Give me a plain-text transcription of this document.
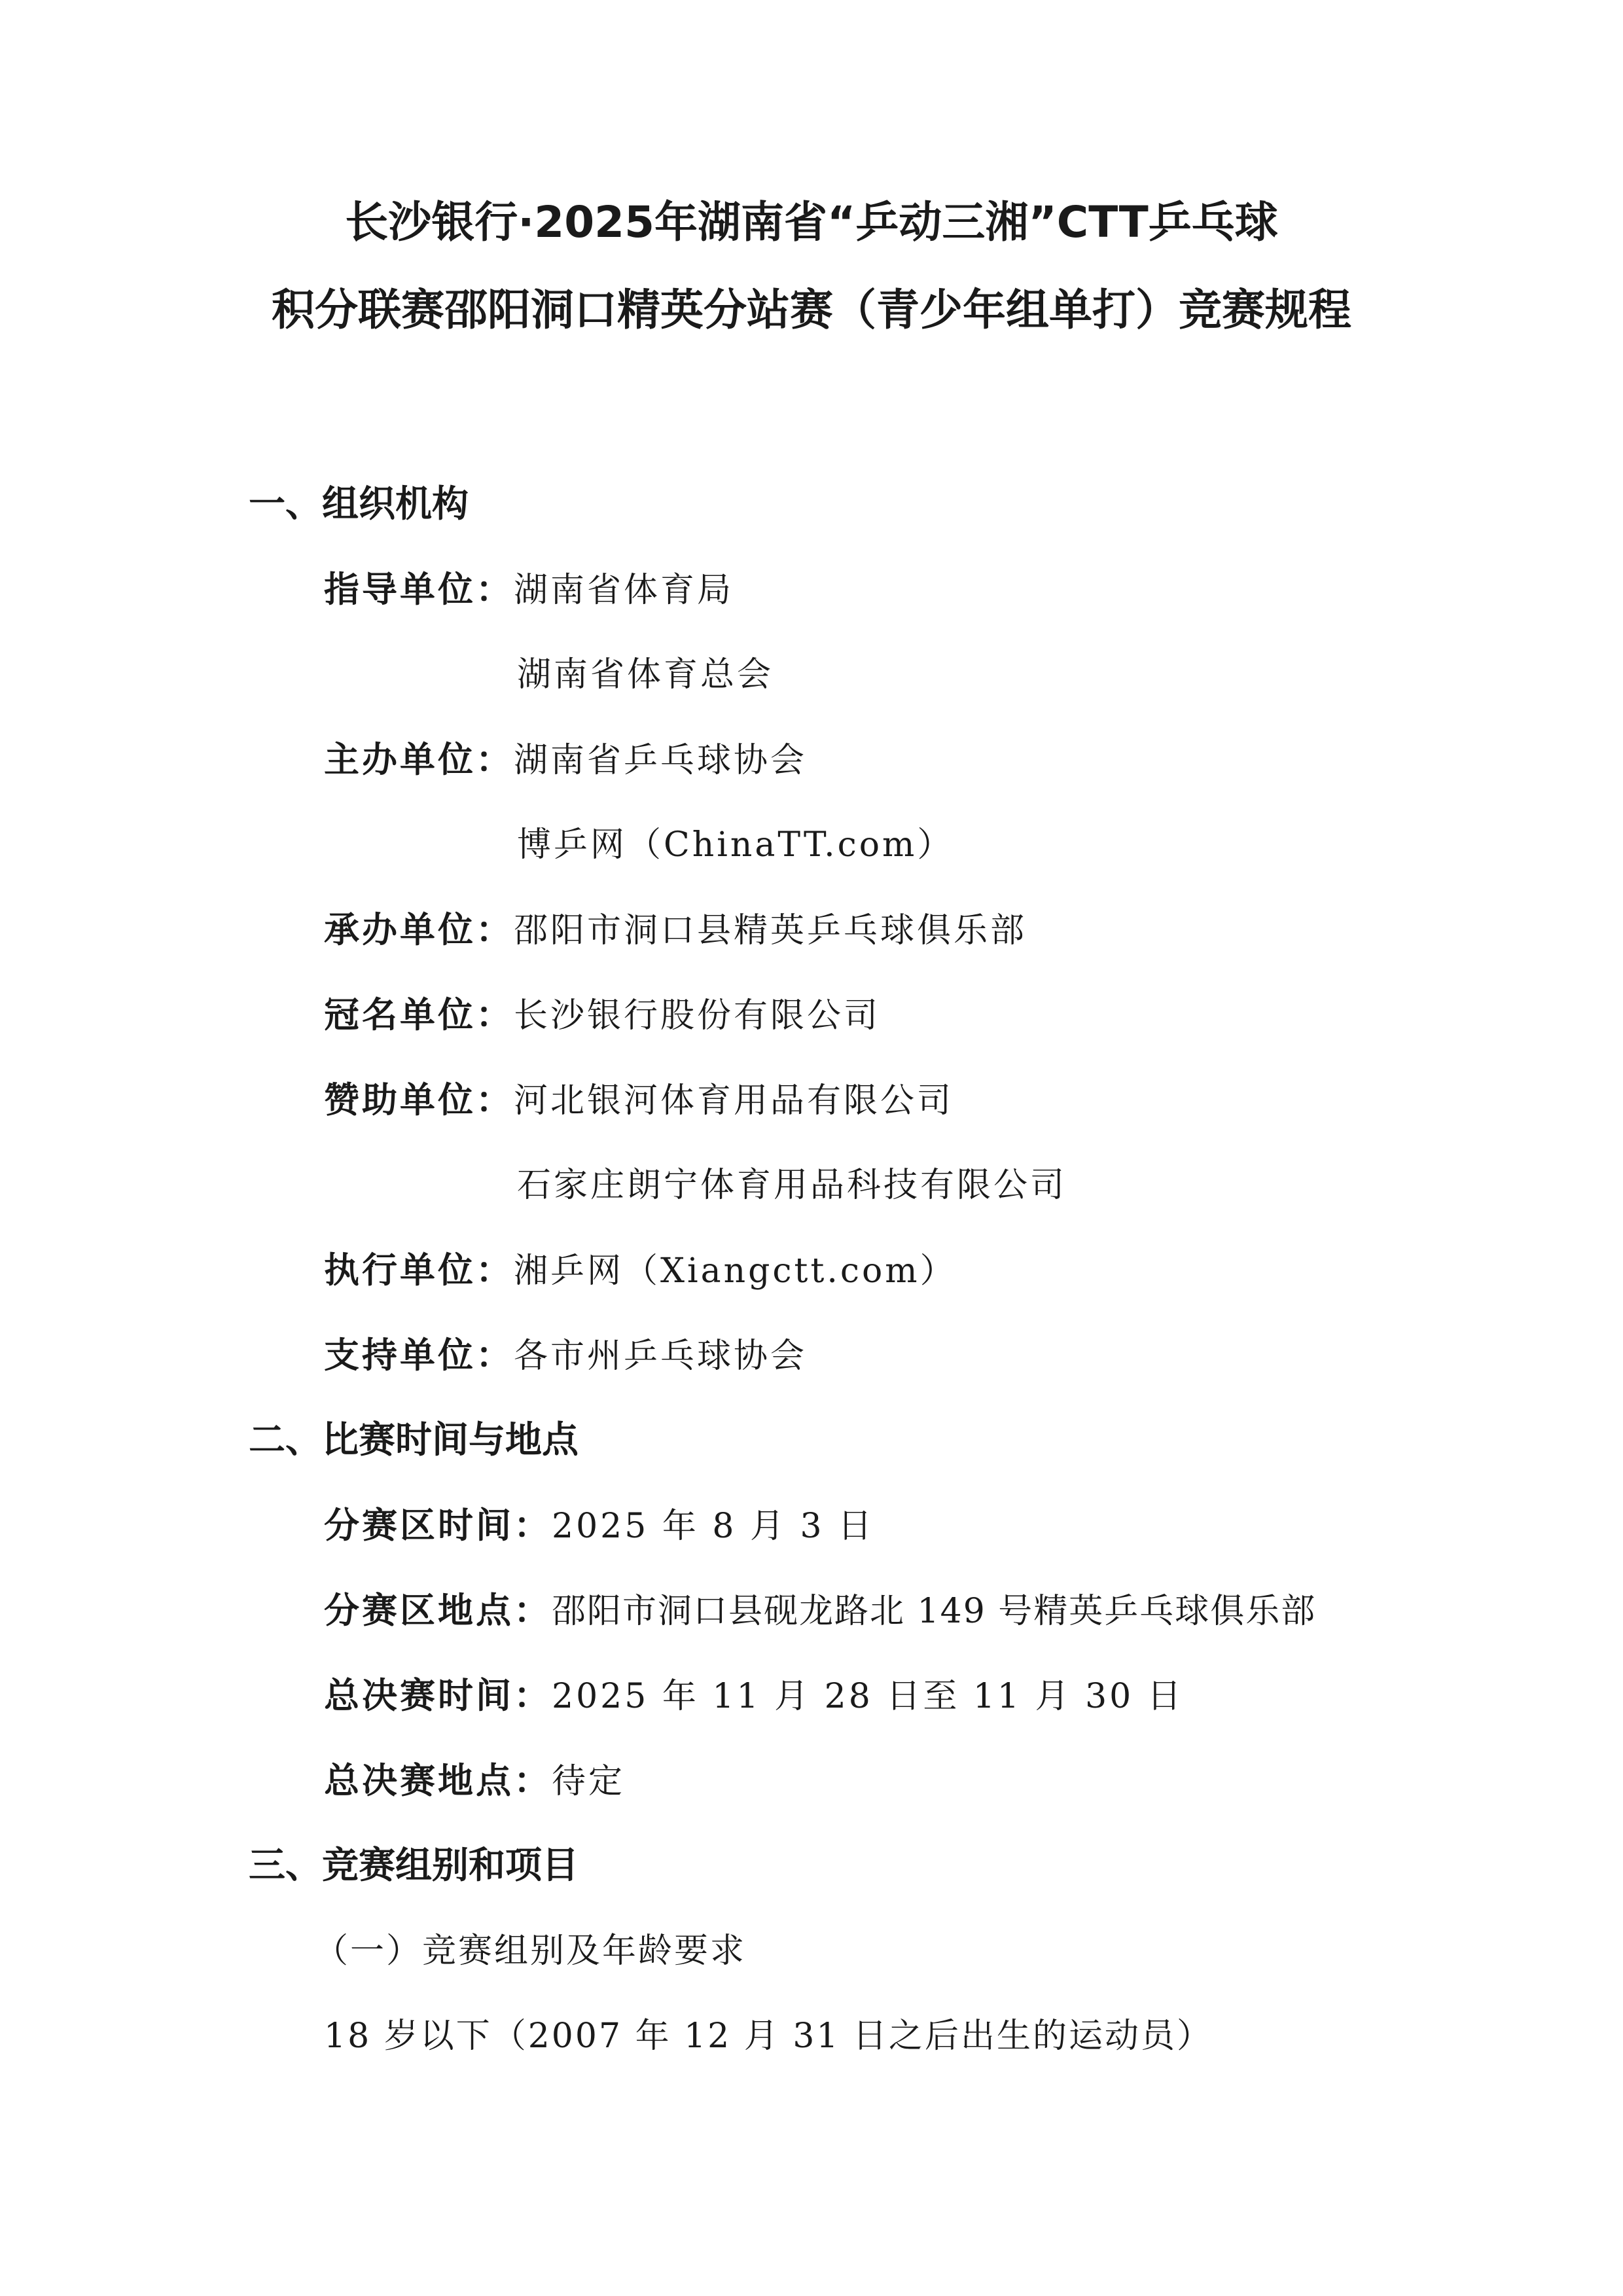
长沙银行·2025年湖南省“乒动三湘”CTT乒乓球
积分联赛邵阳洞口精英分站赛（青少年组单打）竞赛规程
一、组织机构
指导单位：湖南省体育局
湖南省体育总会
主办单位：湖南省乒乓球协会
博乒网（ChinaTT.com）
承办单位：邵阳市洞口县精英乒乓球俱乐部
冠名单位：长沙银行股份有限公司
赞助单位：河北银河体育用品有限公司
石家庄朗宁体育用品科技有限公司
执行单位：湘乒网（Xiangctt.com）
支持单位：各市州乒乓球协会
二、比赛时间与地点
分赛区时间：2025 年 8 月 3 日
分赛区地点：邵阳市洞口县砚龙路北 149 号精英乒乓球俱乐部
总决赛时间：2025 年 11 月 28 日至 11 月 30 日
总决赛地点：待定
三、竞赛组别和项目
（一）竞赛组别及年龄要求
18 岁以下（2007 年 12 月 31 日之后出生的运动员）
